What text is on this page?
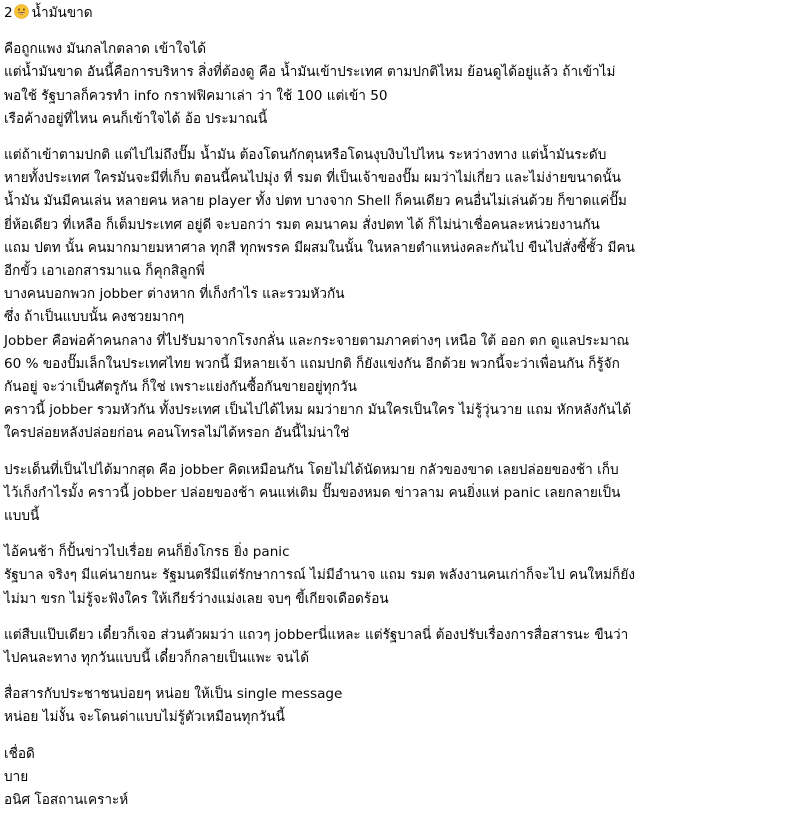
2 น้ำมันขาด
คือถูกแพง มันกลไกตลาด เข้าใจได้
แต่น้ำมันขาด อันนี้คือการบริหาร สิ่งที่ต้องดู คือ น้ำมันเข้าประเทศ ตามปกติไหม ย้อนดูได้อยู่แล้ว ถ้าเข้าไม่
พอใช้ รัฐบาลก็ควรทำ info กราฟฟิคมาเล่า ว่า ใช้ 100 แต่เข้า 50
เรือค้างอยู่ที่ไหน คนก็เข้าใจได้ อ้อ ประมาณนี้
แต่ถ้าเข้าตามปกติ แต่ไปไม่ถึงปั๊ม น้ำมัน ต้องโดนกักตุนหรือโดนงุบงิบไปไหน ระหว่างทาง แต่น้ำมันระดับ
หายทั้งประเทศ ใครมันจะมีที่เก็บ ตอนนี้คนไปมุ่ง ที่ รมต ที่เป็นเจ้าของปั๊ม ผมว่าไม่เกี่ยว และไม่ง่ายขนาดนั้น
น้ำมัน มันมีคนเล่น หลายคน หลาย player ทั้ง ปตท บางจาก Shell ก็คนเดียว คนอื่นไม่เล่นด้วย ก็ขาดแค่ปั๊ม
ยี่ห้อเดียว ที่เหลือ ก็เต็มประเทศ อยู่ดี จะบอกว่า รมต คมนาคม สั่งปตท ได้ ก็ไม่น่าเชื่อคนละหน่วยงานกัน
แถม ปตท นั้น คนมากมายมหาศาล ทุกสี ทุกพรรค มีผสมในนั้น ในหลายตำแหน่งคละกันไป ขืนไปสั่งซี้ซั้ว มีคน
อีกขั้ว เอาเอกสารมาแฉ ก็คุกสิลูกพี่
บางคนบอกพวก jobber ต่างหาก ที่เก็งกำไร และรวมหัวกัน
ซึ่ง ถ้าเป็นแบบนั้น คงชวยมากๆ
Jobber คือพ่อค้าคนกลาง ที่ไปรับมาจากโรงกลั่น และกระจายตามภาคต่างๆ เหนือ ใต้ ออก ตก ดูแลประมาณ
60 % ของปั๊มเล็กในประเทศไทย พวกนี้ มีหลายเจ้า แถมปกติ ก็ยังแข่งกัน อีกด้วย พวกนี้จะว่าเพื่อนกัน ก็รู้จัก
กันอยู่ จะว่าเป็นศัตรูกัน ก็ใช่ เพราะแย่งกันซื้อกันขายอยู่ทุกวัน
คราวนี้ jobber รวมหัวกัน ทั้งประเทศ เป็นไปได้ไหม ผมว่ายาก มันใครเป็นใคร ไม่รู้วุ่นวาย แถม หักหลังกันได้
ใครปล่อยหลังปล่อยก่อน คอนโทรลไม่ได้หรอก อันนี้ไม่น่าใช่
ประเด็นที่เป็นไปได้มากสุด คือ jobber คิดเหมือนกัน โดยไม่ได้นัดหมาย กลัวของขาด เลยปล่อยของช้า เก็บ
ไว้เก็งกำไรมั้ง คราวนี้ jobber ปล่อยของช้า คนแห่เติม ปั๊มของหมด ข่าวลาม คนยิ่งแห่ panic เลยกลายเป็น
แบบนี้
ไอ้คนช้า ก็ปั้นข่าวไปเรื่อย คนก็ยิ่งโกรธ ยิ่ง panic
รัฐบาล จริงๆ มีแค่นายกนะ รัฐมนตรีมีแต่รักษาการณ์ ไม่มีอำนาจ แถม รมต พลังงานคนเก่าก็จะไป คนใหม่ก็ยัง
ไม่มา ขรก ไม่รู้จะฟังใคร ให้เกียร์ว่างแม่งเลย จบๆ ขี้เกียจเดือดร้อน
แต่สืบแป๊บเดียว เดี๋ยวก็เจอ ส่วนตัวผมว่า แถวๆ jobberนี่แหละ แต่รัฐบาลนี่ ต้องปรับเรื่องการสื่อสารนะ ขืนว่า
ไปคนละทาง ทุกวันแบบนี้ เดี๋ยวก็กลายเป็นแพะ จนได้
สื่อสารกับประชาชนบ่อยๆ หน่อย ให้เป็น single message
หน่อย ไม่งั้น จะโดนด่าแบบไม่รู้ตัวเหมือนทุกวันนี้
เชื่อดิ
บาย
อนิศ โอสถานเคราะห์
